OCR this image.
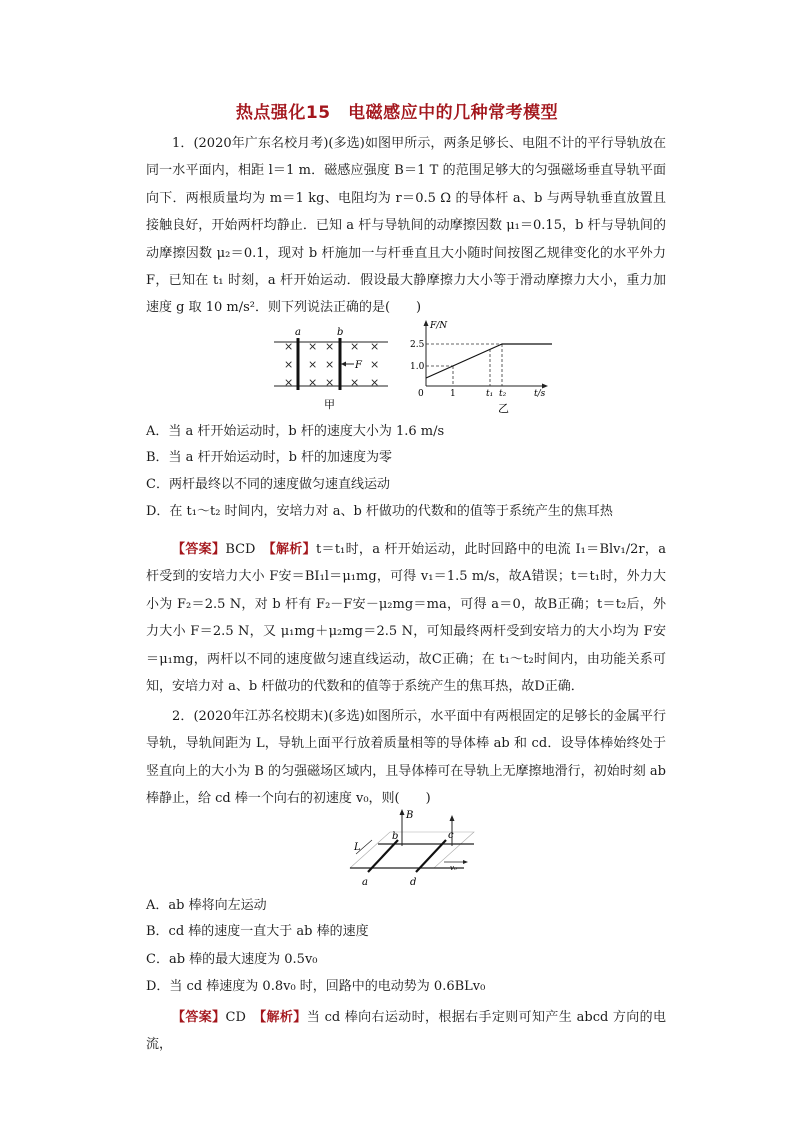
热点强化15　电磁感应中的几种常考模型
1．(2020年广东名校月考)(多选)如图甲所示，两条足够长、电阻不计的平行导轨放在同一水平面内，相距 l＝1 m．磁感应强度 B＝1 T 的范围足够大的匀强磁场垂直导轨平面向下．两根质量均为 m＝1 kg、电阻均为 r＝0.5 Ω 的导体杆 a、b 与两导轨垂直放置且接触良好，开始两杆均静止．已知 a 杆与导轨间的动摩擦因数 μ₁＝0.15，b 杆与导轨间的动摩擦因数 μ₂＝0.1，现对 b 杆施加一与杆垂直且大小随时间按图乙规律变化的水平外力 F，已知在 t₁ 时刻，a 杆开始运动．假设最大静摩擦力大小等于滑动摩擦力大小，重力加速度 g 取 10 m/s²．则下列说法正确的是(　　)
a	b
× × × × ×
× × ×	×
× × × × ×
F
甲
F/N
t/s
2.5
1.0
0	1	t₁ t₂
乙
A．当 a 杆开始运动时，b 杆的速度大小为 1.6 m/s
B．当 a 杆开始运动时，b 杆的加速度为零
C．两杆最终以不同的速度做匀速直线运动
D．在 t₁～t₂ 时间内，安培力对 a、b 杆做功的代数和的值等于系统产生的焦耳热
【答案】BCD　 【解析】t＝t₁时，a 杆开始运动，此时回路中的电流 I₁＝Blv₁/2r，a 杆受到的安培力大小 F安＝BI₁l＝μ₁mg，可得 v₁＝1.5 m/s，故A错误；t＝t₁时，外力大小为 F₂＝2.5 N，对 b 杆有 F₂－F安－μ₂mg＝ma，可得 a＝0，故B正确；t＝t₂后，外力大小 F＝2.5 N，又 μ₁mg＋μ₂mg＝2.5 N，可知最终两杆受到安培力的大小均为 F安＝μ₁mg，两杆以不同的速度做匀速直线运动，故C正确；在 t₁～t₂时间内，由功能关系可知，安培力对 a、b 杆做功的代数和的值等于系统产生的焦耳热，故D正确．
2．(2020年江苏名校期末)(多选)如图所示，水平面中有两根固定的足够长的金属平行导轨，导轨间距为 L，导轨上面平行放着质量相等的导体棒 ab 和 cd．设导体棒始终处于竖直向上的大小为 B 的匀强磁场区域内，且导体棒可在导轨上无摩擦地滑行，初始时刻 ab 棒静止，给 cd 棒一个向右的初速度 v₀，则(　　)
B
v₀
L
b	c
a	d
A．ab 棒将向左运动
B．cd 棒的速度一直大于 ab 棒的速度
C．ab 棒的最大速度为 0.5v₀
D．当 cd 棒速度为 0.8v₀ 时，回路中的电动势为 0.6BLv₀
【答案】CD　 【解析】当 cd 棒向右运动时，根据右手定则可知产生 abcd 方向的电流，
